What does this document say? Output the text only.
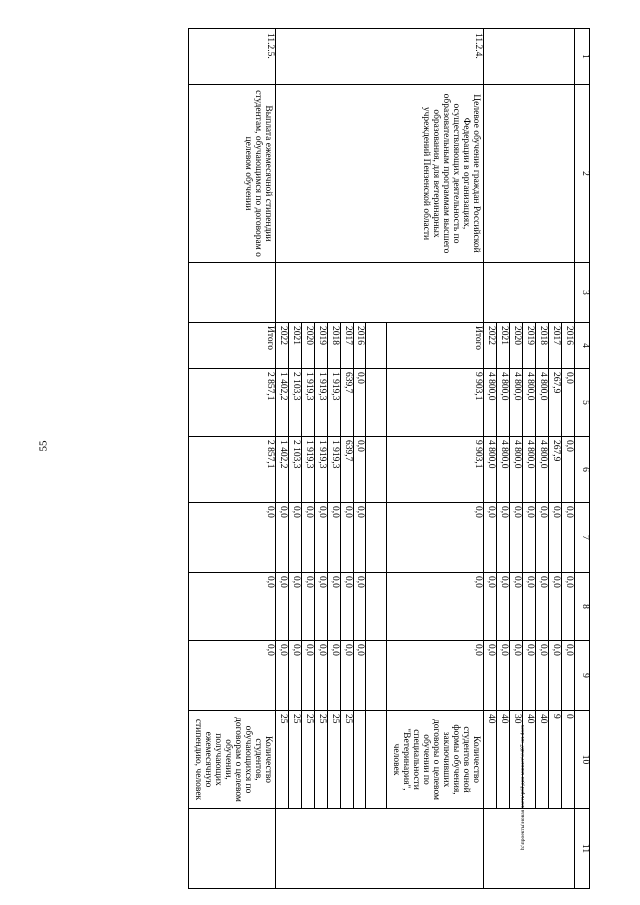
55
h:\проекты\новая часть\pril\дин минист\з\407-нп.docx
1	2	3	4	5	6	7	8	9	10	11
			2016	0,0	0,0	0,0	0,0	0,0	0	
			2017	267,9	267,9	0,0	0,0	0,0	9	
			2018	4 800,0	4 800,0	0,0	0,0	0,0	40	
			2019	4 800,0	4 800,0	0,0	0,0	0,0	40	
			2020	4 800,0	4 800,0	0,0	0,0	0,0	30	
			2021	4 800,0	4 800,0	0,0	0,0	0,0	40	
			2022	4 800,0	4 800,0	0,0	0,0	0,0	40	
11.2.4.	Целевое обучение граждан Российской Федерации в организациях, осуществляющих деятельность по образовательным программам высшего образования, для ветеринарных учреждений Пензенской области		Итого	9 903,1	9 903,1	0,0	0,0	0,0	Количество студентов очной формы обучения, заключивших договоры о целевом обучении по специальности "Ветеринария", человек	

			2016	0,0	0,0	0,0	0,0	0,0		
			2017	639,7	639,7	0,0	0,0	0,0	25	
			2018	1 919,3	1 919,3	0,0	0,0	0,0	25	
			2019	1 919,3	1 919,3	0,0	0,0	0,0	25	
			2020	1 919,3	1 919,3	0,0	0,0	0,0	25	
			2021	2 103,3	2 103,3	0,0	0,0	0,0	25	
			2022	1 402,2	1 402,2	0,0	0,0	0,0	25	
11.2.5.	Выплата ежемесячной стипендии студентам, обучающимся по договорам о целевом обучении		Итого	2 857,1	2 857,1	0,0	0,0	0,0	Количество студентов, обучающихся по договорам о целевом обучении, получающих ежемесячную стипендию, человек	
